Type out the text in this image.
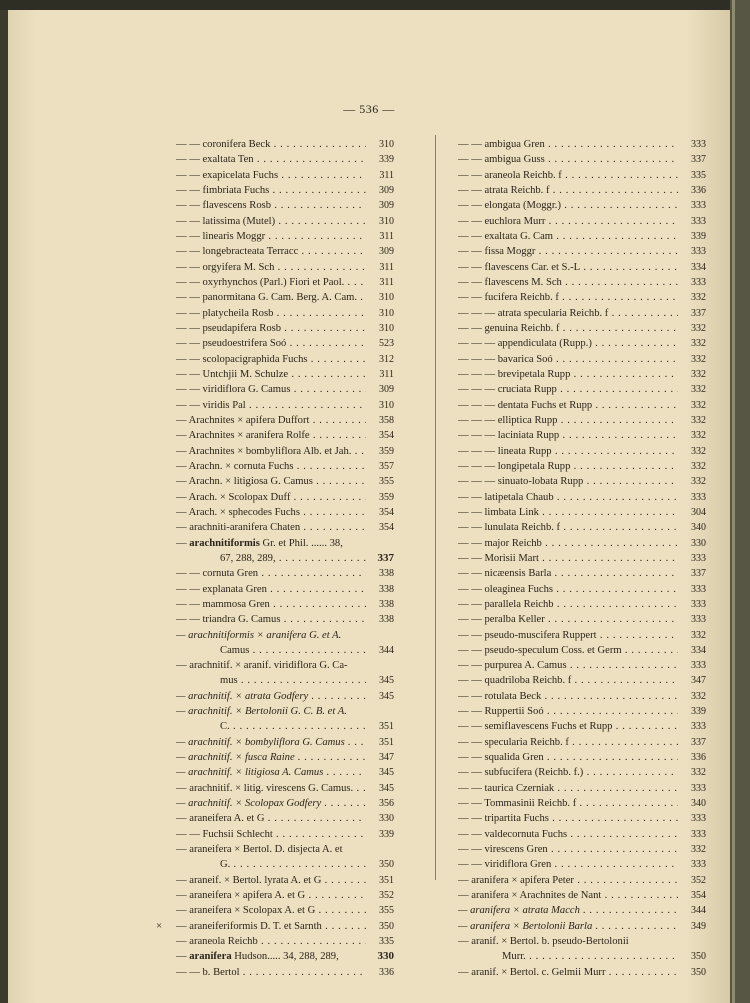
— 536 —
— — coronifera Beck . . .	310
— — exaltata Ten . . .	339
— — exapicelata Fuchs . . .	311
— — fimbriata Fuchs . . .	309
— — flavescens Rosb . . .	309
— — latissima (Mutel) . . .	310
— — linearis Moggr . . .	311
— — longebracteata Terracc . . .	309
— — orgyifera M. Sch . . .	311
— — oxyrhynchos (Parl.) Fiori et Paol. . . .	311
— — panormitana G. Cam. Berg. A. Cam. . . .	310
— — platycheila Rosb . . .	310
— — pseudapifera Rosb . . .	310
— — pseudoestrifera Soó . . .	523
— — scolopacigraphida Fuchs . . .	312
— — Untchjii M. Schulze . . .	311
— — viridiflora G. Camus . . .	309
— — viridis Pal . . .	310
— Arachnites × apifera Duffort . . .	358
— Arachnites × aranifera Rolfe . . .	354
— Arachnites × bombyliflora Alb. et Jah. . . .	359
— Arachn. × cornuta Fuchs . . .	357
— Arachn. × litigiosa G. Camus . . .	355
— Arach. × Scolopax Duff . . .	359
— Arach. × sphecodes Fuchs . . .	354
— arachniti-aranifera Chaten . . .	354
— arachnitiformis Gr. et Phil. ...... 38,
67, 288, 289, . . .	337
— — cornuta Gren . . .	338
— — explanata Gren . . .	338
— — mammosa Gren . . .	338
— — triandra G. Camus . . .	338
— arachnitiformis × aranifera G. et A.
Camus . . .	344
— arachnitif. × aranif. viridiflora G. Ca-
mus . . .	345
— arachnitif. × atrata Godfery . . .	345
— arachnitif. × Bertolonii G. C. B. et A.
C. . . .	351
— arachnitif. × bombyliflora G. Camus . . .	351
— arachnitif. × fusca Raine . . .	347
— arachnitif. × litigiosa A. Camus . . .	345
— arachnitif. × litig. virescens G. Camus. . . .	345
— arachnitif. × Scolopax Godfery . . .	356
— araneifera A. et G . . .	330
— — Fuchsii Schlecht . . .	339
— araneifera × Bertol. D. disjecta A. et
G. . . .	350
— araneif. × Bertol. lyrata A. et G . . .	351
— araneifera × apifera A. et G . . .	352
— araneifera × Scolopax A. et G . . .	355
× — araneiferiformis D. T. et Sarnth . . .	350
— araneola Reichb . . .	335
— aranifera Hudson..... 34, 288, 289,	330
— — b. Bertol . . .	336
— — ambigua Gren . . .	333
— — ambigua Guss . . .	337
— — araneola Reichb. f . . .	335
— — atrata Reichb. f . . .	336
— — elongata (Moggr.) . . .	333
— — euchlora Murr . . .	333
— — exaltata G. Cam . . .	339
— — fissa Moggr . . .	333
— — flavescens Car. et S.-L . . .	334
— — flavescens M. Sch . . .	333
— — fucifera Reichb. f . . .	332
— — — atrata specularia Reichb. f . . .	337
— — genuina Reichb. f . . .	332
— — — appendiculata (Rupp.) . . .	332
— — — bavarica Soó . . .	332
— — — brevipetala Rupp . . .	332
— — — cruciata Rupp . . .	332
— — — dentata Fuchs et Rupp . . .	332
— — — elliptica Rupp . . .	332
— — — laciniata Rupp . . .	332
— — — lineata Rupp . . .	332
— — — longipetala Rupp . . .	332
— — — sinuato-lobata Rupp . . .	332
— — latipetala Chaub . . .	333
— — limbata Link . . .	304
— — lunulata Reichb. f . . .	340
— — major Reichb . . .	330
— — Morisii Mart . . .	333
— — nicæensis Barla . . .	337
— — oleaginea Fuchs . . .	333
— — parallela Reichb . . .	333
— — peralba Keller . . .	333
— — pseudo-muscifera Ruppert . . .	332
— — pseudo-speculum Coss. et Germ . . .	334
— — purpurea A. Camus . . .	333
— — quadriloba Reichb. f . . .	347
— — rotulata Beck . . .	332
— — Ruppertii Soó . . .	339
— — semiflavescens Fuchs et Rupp . . .	333
— — specularia Reichb. f . . .	337
— — squalida Gren . . .	336
— — subfucifera (Reichb. f.) . . .	332
— — taurica Czerniak . . .	333
— — Tommasinii Reichb. f . . .	340
— — tripartita Fuchs . . .	333
— — valdecornuta Fuchs . . .	333
— — virescens Gren . . .	332
— — viridiflora Gren . . .	333
— aranifera × apifera Peter . . .	352
— aranifera × Arachnites de Nant . . .	354
— aranifera × atrata Macch . . .	344
— aranifera × Bertolonii Barla . . .	349
— aranif. × Bertol. b. pseudo-Bertolonii
Murr. . . .	350
— aranif. × Bertol. c. Gelmii Murr . . .	350
